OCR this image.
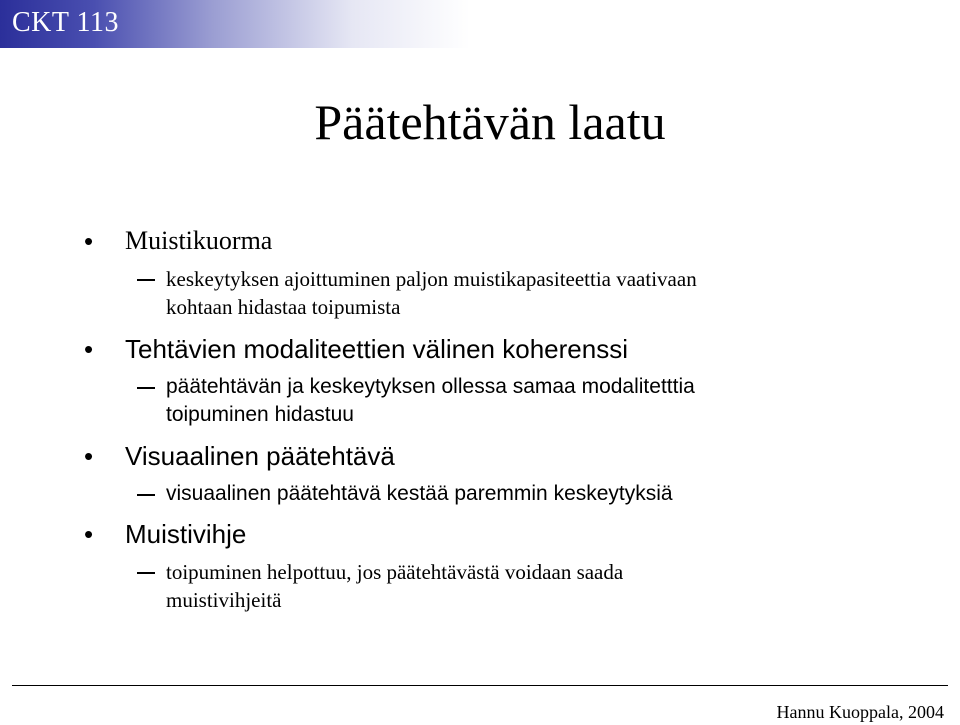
CKT 113
Päätehtävän laatu
• Muistikuorma
keskeytyksen ajoittuminen paljon muistikapasiteettia vaativaan
kohtaan hidastaa toipumista
• Tehtävien modaliteettien välinen koherenssi
päätehtävän ja keskeytyksen ollessa samaa modalitetttia
toipuminen hidastuu
• Visuaalinen päätehtävä
visuaalinen päätehtävä kestää paremmin keskeytyksiä
• Muistivihje
toipuminen helpottuu, jos päätehtävästä voidaan saada
muistivihjeitä
Hannu Kuoppala, 2004
